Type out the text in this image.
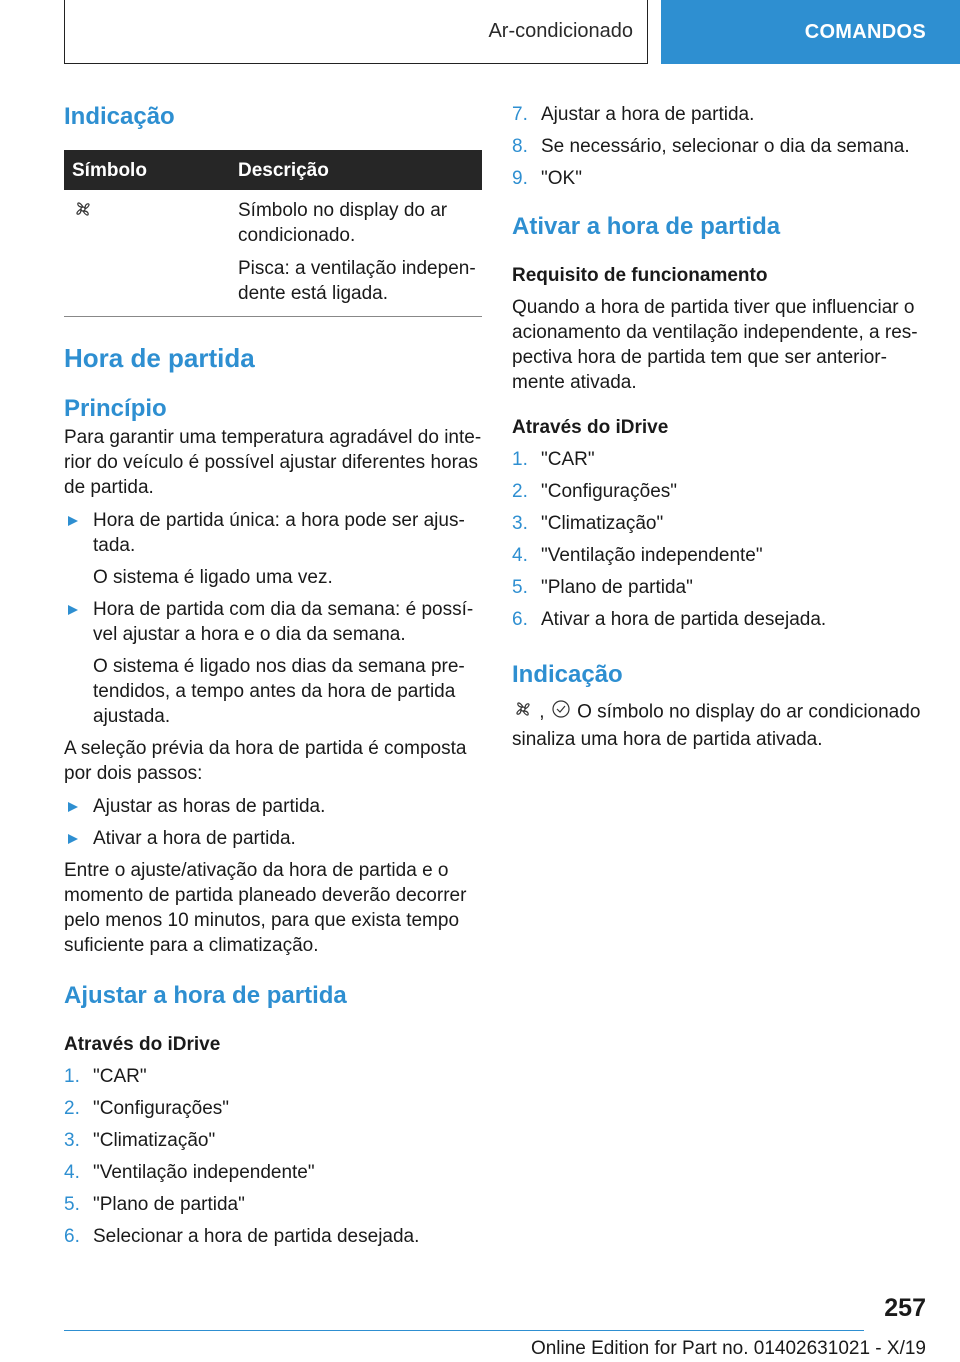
Ar-condicionado	COMANDOS
Indicação
Símbolo	Descrição

Símbolo no display do ar condicionado.

Pisca: a ventilação indepen-dente está ligada.

Hora de partida
Princípio

Para garantir uma temperatura agradável do inte-rior do veículo é possível ajustar diferentes horas de partida.

Hora de partida única: a hora pode ser ajus-tada.

O sistema é ligado uma vez.

Hora de partida com dia da semana: é possí-vel ajustar a hora e o dia da semana.

O sistema é ligado nos dias da semana pre-tendidos, a tempo antes da hora de partida ajustada.

A seleção prévia da hora de partida é composta por dois passos:

Ajustar as horas de partida.
Ativar a hora de partida.

Entre o ajuste/ativação da hora de partida e o momento de partida planeado deverão decorrer pelo menos 10 minutos, para que exista tempo suficiente para a climatização.

Ajustar a hora de partida
Através do iDrive
1. "CAR"
2. "Configurações"
3. "Climatização"
4. "Ventilação independente"
5. "Plano de partida"
6. Selecionar a hora de partida desejada.
7. Ajustar a hora de partida.
8. Se necessário, selecionar o dia da semana.
9. "OK"
Ativar a hora de partida
Requisito de funcionamento

Quando a hora de partida tiver que influenciar o acionamento da ventilação independente, a res-pectiva hora de partida tem que ser anterior-mente ativada.

Através do iDrive
1. "CAR"
2. "Configurações"
3. "Climatização"
4. "Ventilação independente"
5. "Plano de partida"
6. Ativar a hora de partida desejada.
Indicação

, O símbolo no display do ar condicionado sinaliza uma hora de partida ativada.

257
Online Edition for Part no. 01402631021 - X/19
